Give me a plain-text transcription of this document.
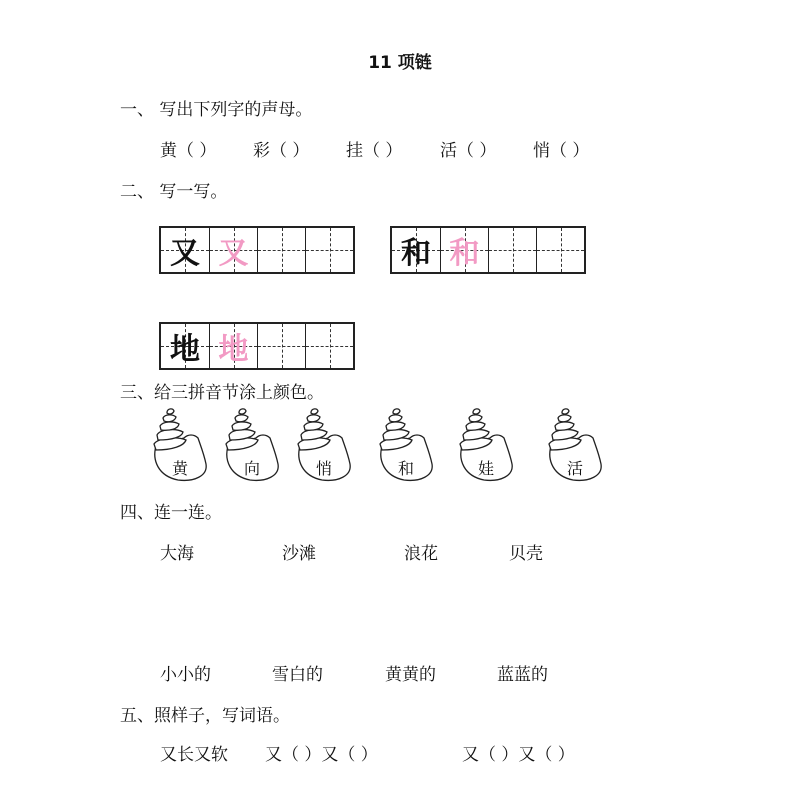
11 项链
一、 写出下列字的声母。
黄（ ） 彩（ ） 挂（ ） 活（ ） 悄（ ）
二、 写一写。
又 又	和 和
地 地
三、给三拼音节涂上颜色。
黄	向	悄	和	娃	活
四、连一连。
大海	沙滩	浪花	贝壳
小小的	雪白的	黄黄的	蓝蓝的
五、照样子，写词语。
又长又软 又（ ）又（ ）	又（ ）又（ ）
